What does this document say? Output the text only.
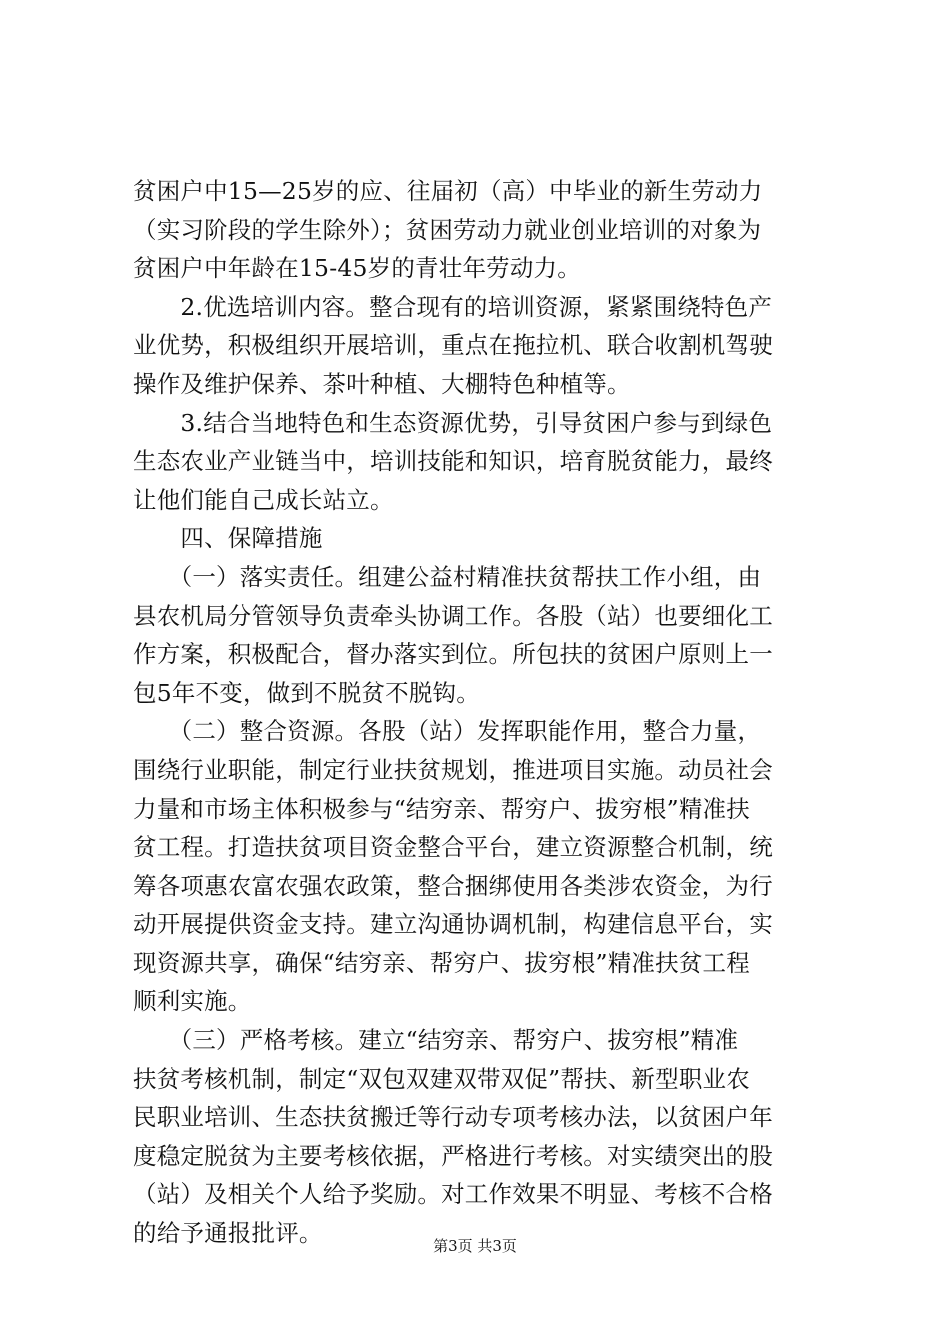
贫困户中15—25岁的应、往届初（高）中毕业的新生劳动力
（实习阶段的学生除外）；贫困劳动力就业创业培训的对象为
贫困户中年龄在15-45岁的青壮年劳动力。
　　2.优选培训内容。整合现有的培训资源，紧紧围绕特色产
业优势，积极组织开展培训，重点在拖拉机、联合收割机驾驶
操作及维护保养、茶叶种植、大棚特色种植等。
　　3.结合当地特色和生态资源优势，引导贫困户参与到绿色
生态农业产业链当中，培训技能和知识，培育脱贫能力，最终
让他们能自己成长站立。
　　四、保障措施
　　（一）落实责任。组建公益村精准扶贫帮扶工作小组，由
县农机局分管领导负责牵头协调工作。各股（站）也要细化工
作方案，积极配合，督办落实到位。所包扶的贫困户原则上一
包5年不变，做到不脱贫不脱钩。
　　（二）整合资源。各股（站）发挥职能作用，整合力量，
围绕行业职能，制定行业扶贫规划，推进项目实施。动员社会
力量和市场主体积极参与“结穷亲、帮穷户、拔穷根”精准扶
贫工程。打造扶贫项目资金整合平台，建立资源整合机制，统
筹各项惠农富农强农政策，整合捆绑使用各类涉农资金，为行
动开展提供资金支持。建立沟通协调机制，构建信息平台，实
现资源共享，确保“结穷亲、帮穷户、拔穷根”精准扶贫工程
顺利实施。
　　（三）严格考核。建立“结穷亲、帮穷户、拔穷根”精准
扶贫考核机制，制定“双包双建双带双促”帮扶、新型职业农
民职业培训、生态扶贫搬迁等行动专项考核办法，以贫困户年
度稳定脱贫为主要考核依据，严格进行考核。对实绩突出的股
（站）及相关个人给予奖励。对工作效果不明显、考核不合格
的给予通报批评。	第3页 共3页
